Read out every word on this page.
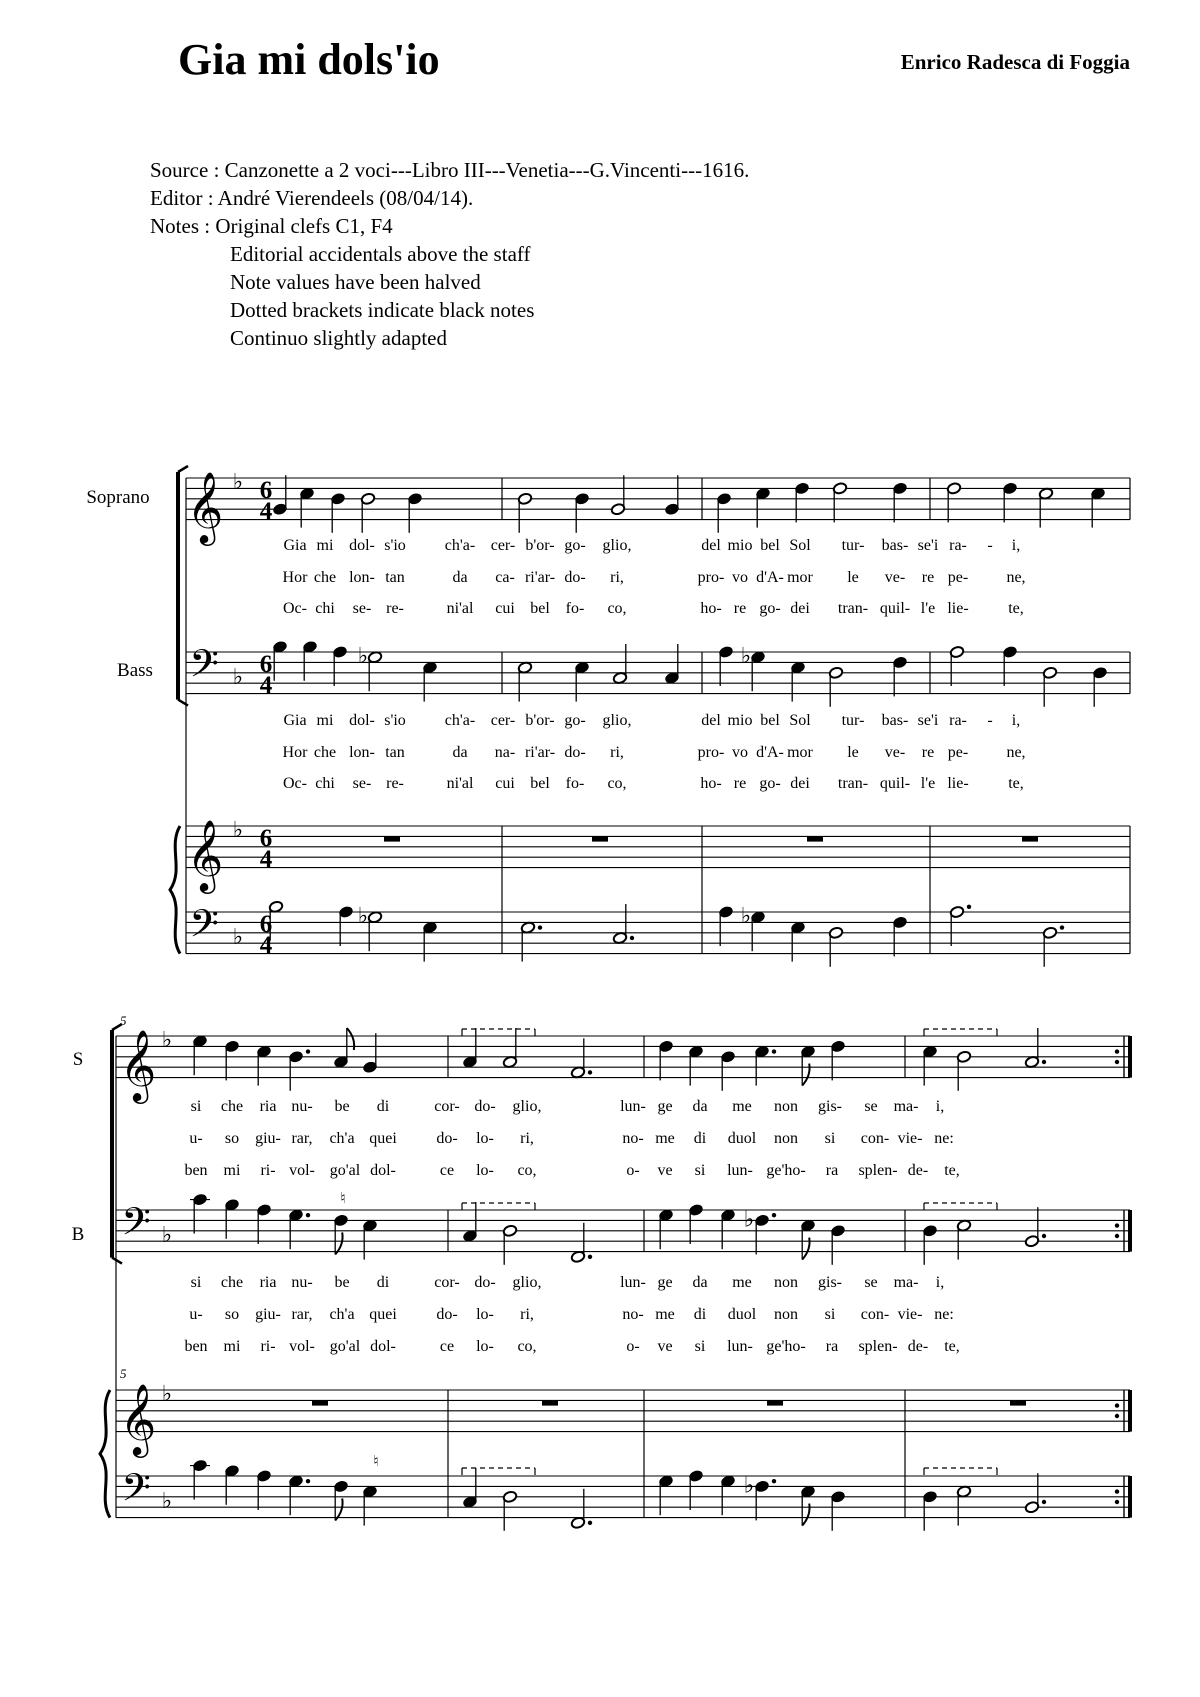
Gia mi dols'io	Enrico Radesca di Foggia
Source : Canzonette a 2 voci---Libro III---Venetia---G.Vincenti---1616.
Editor : André Vierendeels (08/04/14).
Notes : Original clefs C1, F4
Editorial accidentals above the staff
Note values have been halved
Dotted brackets indicate black notes
Continuo slightly adapted
Soprano
Bass
𝄞 ♭ 6
4
𝄢 ♭ 6
4
𝄞 ♭ 6
4
𝄢 ♭ 6
4
♭	♭
♭	♭
Gia mi dol- s'io ch'a- cer- b'or- go- glio,	del mio bel Sol tur- bas- se'i ra- - i,
Hor che lon- tan	da ca- ri'ar- do- ri,	pro- vo d'A- mor le ve- re pe- ne,
Oc- chi se- re-	ni'al cui bel fo- co,	ho- re go- dei tran- quil- l'e lie- te,
Gia mi dol- s'io ch'a- cer- b'or- go- glio,	del mio bel Sol tur- bas- se'i ra- - i,
Hor che lon- tan	da na- ri'ar- do- ri,	pro- vo d'A- mor le ve- re pe- ne,
Oc- chi se- re-	ni'al cui bel fo- co,	ho- re go- dei tran- quil- l'e lie- te,
5
5
S
B
𝄞 ♭
𝄢 ♭
𝄞 ♭
𝄢 ♭
♭
♮
♭
♮
si che ria nu- be di	cor- do- glio,	lun- ge da me non gis- se ma- i,
u- so giu- rar, ch'a quei do- lo- ri,	no- me di duol non si con- vie- ne:
ben mi ri- vol- go'al dol-	ce lo- co,	o- ve si lun- ge'ho- ra splen- de- te,
si che ria nu- be di	cor- do- glio,	lun- ge da me non gis- se ma- i,
u- so giu- rar, ch'a quei do- lo- ri,	no- me di duol non si con- vie- ne:
ben mi ri- vol- go'al dol-	ce lo- co,	o- ve si lun- ge'ho- ra splen- de- te,
